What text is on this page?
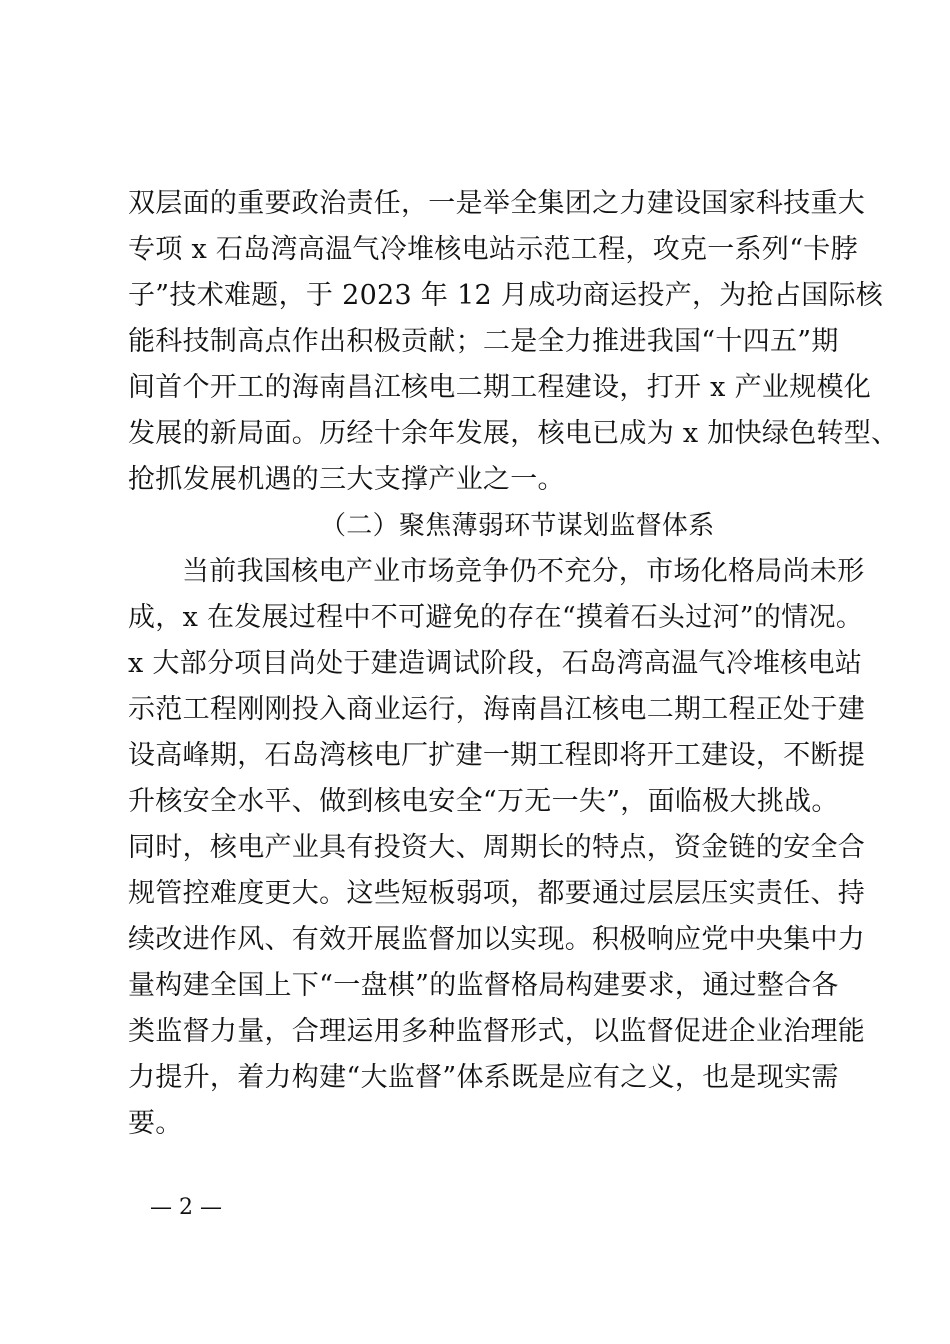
双层面的重要政治责任，一是举全集团之力建设国家科技重大
专项 x 石岛湾高温气冷堆核电站示范工程，攻克一系列“卡脖
子”技术难题，于 2023 年 12 月成功商运投产，为抢占国际核
能科技制高点作出积极贡献；二是全力推进我国“十四五”期
间首个开工的海南昌江核电二期工程建设，打开 x 产业规模化
发展的新局面。历经十余年发展，核电已成为 x 加快绿色转型、
抢抓发展机遇的三大支撑产业之一。
（二）聚焦薄弱环节谋划监督体系
当前我国核电产业市场竞争仍不充分，市场化格局尚未形
成，x 在发展过程中不可避免的存在“摸着石头过河”的情况。
x 大部分项目尚处于建造调试阶段，石岛湾高温气冷堆核电站
示范工程刚刚投入商业运行，海南昌江核电二期工程正处于建
设高峰期，石岛湾核电厂扩建一期工程即将开工建设，不断提
升核安全水平、做到核电安全“万无一失”，面临极大挑战。
同时，核电产业具有投资大、周期长的特点，资金链的安全合
规管控难度更大。这些短板弱项，都要通过层层压实责任、持
续改进作风、有效开展监督加以实现。积极响应党中央集中力
量构建全国上下“一盘棋”的监督格局构建要求，通过整合各
类监督力量，合理运用多种监督形式，以监督促进企业治理能
力提升，着力构建“大监督”体系既是应有之义，也是现实需
要。
— 2 —
